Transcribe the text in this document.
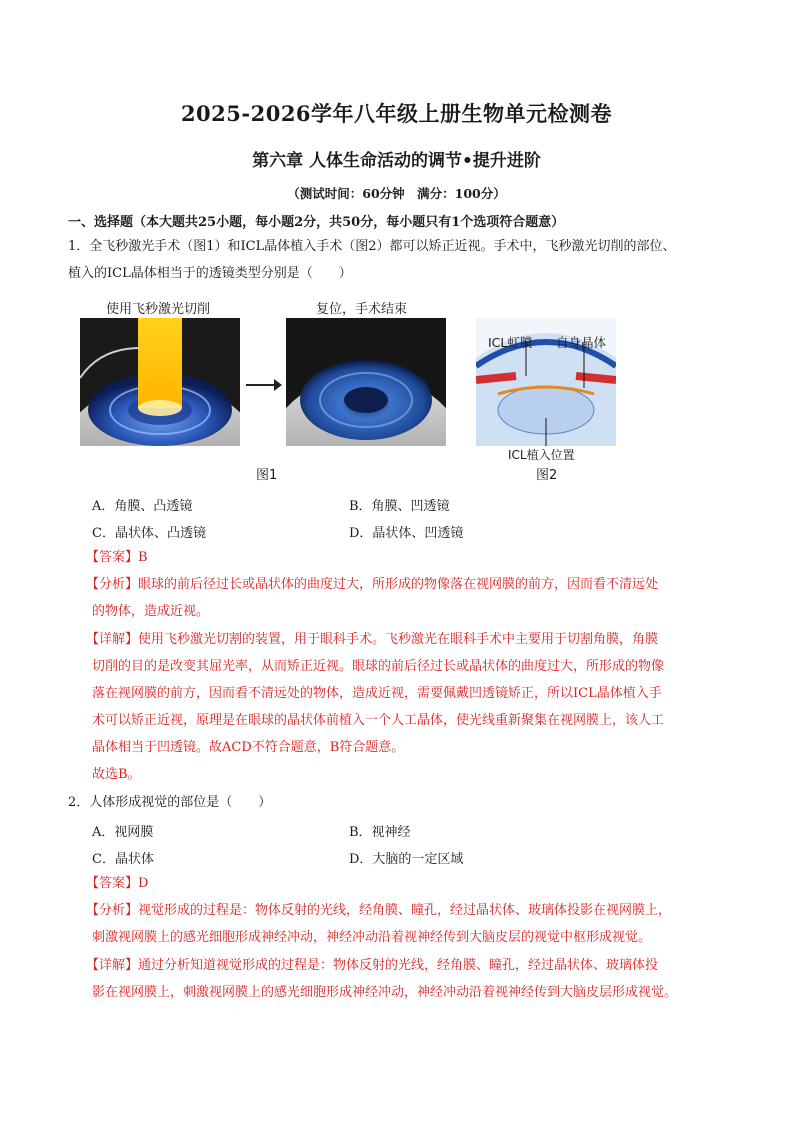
2025-2026学年八年级上册生物单元检测卷
第六章 人体生命活动的调节•提升进阶
（测试时间：60分钟　满分：100分）
一、选择题（本大题共25小题，每小题2分，共50分，每小题只有1个选项符合题意）
1．全飞秒激光手术（图1）和ICL晶体植入手术（图2）都可以矫正近视。手术中，飞秒激光切削的部位、
植入的ICL晶体相当于的透镜类型分别是（　　）
使用飞秒激光切削	复位，手术结束
图1
ICL虹膜 自身晶体
ICL植入位置
图2
A．角膜、凸透镜	B．角膜、凹透镜
C．晶状体、凸透镜	D．晶状体、凹透镜
【答案】B
【分析】眼球的前后径过长或晶状体的曲度过大，所形成的物像落在视网膜的前方，因而看不清远处
的物体，造成近视。
【详解】使用飞秒激光切割的装置，用于眼科手术。飞秒激光在眼科手术中主要用于切割角膜，角膜
切削的目的是改变其屈光率，从而矫正近视。眼球的前后径过长或晶状体的曲度过大，所形成的物像
落在视网膜的前方，因而看不清远处的物体，造成近视，需要佩戴凹透镜矫正，所以ICL晶体植入手
术可以矫正近视，原理是在眼球的晶状体前植入一个人工晶体，使光线重新聚集在视网膜上，该人工
晶体相当于凹透镜。故ACD不符合题意，B符合题意。
故选B。
2．人体形成视觉的部位是（　　）
A．视网膜	B．视神经
C．晶状体	D．大脑的一定区域
【答案】D
【分析】视觉形成的过程是：物体反射的光线，经角膜、瞳孔，经过晶状体、玻璃体投影在视网膜上，
刺激视网膜上的感光细胞形成神经冲动，神经冲动沿着视神经传到大脑皮层的视觉中枢形成视觉。
【详解】通过分析知道视觉形成的过程是：物体反射的光线，经角膜、瞳孔，经过晶状体、玻璃体投
影在视网膜上，刺激视网膜上的感光细胞形成神经冲动，神经冲动沿着视神经传到大脑皮层形成视觉。
